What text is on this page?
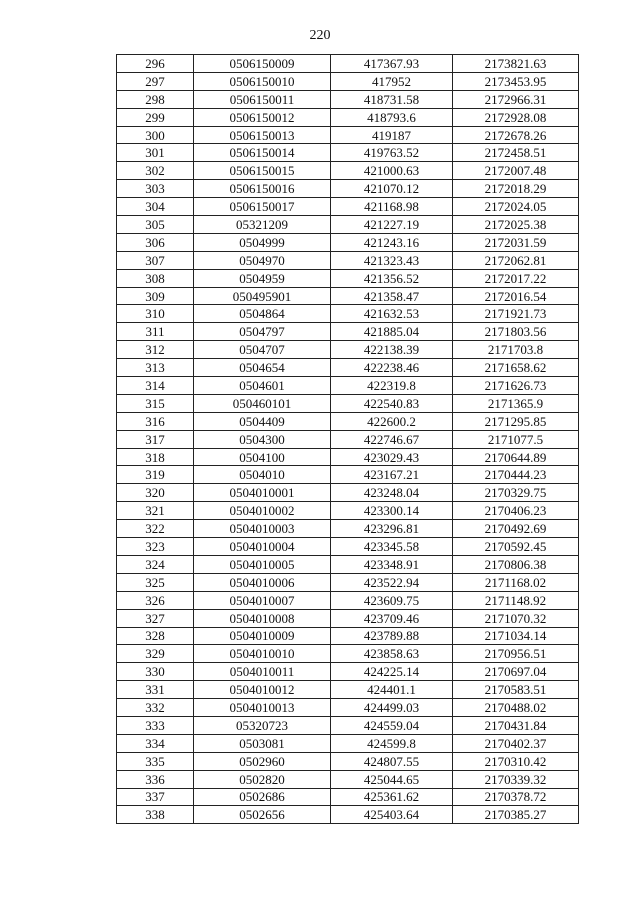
220
296	0506150009	417367.93	2173821.63
297	0506150010	417952	2173453.95
298	0506150011	418731.58	2172966.31
299	0506150012	418793.6	2172928.08
300	0506150013	419187	2172678.26
301	0506150014	419763.52	2172458.51
302	0506150015	421000.63	2172007.48
303	0506150016	421070.12	2172018.29
304	0506150017	421168.98	2172024.05
305	05321209	421227.19	2172025.38
306	0504999	421243.16	2172031.59
307	0504970	421323.43	2172062.81
308	0504959	421356.52	2172017.22
309	050495901	421358.47	2172016.54
310	0504864	421632.53	2171921.73
311	0504797	421885.04	2171803.56
312	0504707	422138.39	2171703.8
313	0504654	422238.46	2171658.62
314	0504601	422319.8	2171626.73
315	050460101	422540.83	2171365.9
316	0504409	422600.2	2171295.85
317	0504300	422746.67	2171077.5
318	0504100	423029.43	2170644.89
319	0504010	423167.21	2170444.23
320	0504010001	423248.04	2170329.75
321	0504010002	423300.14	2170406.23
322	0504010003	423296.81	2170492.69
323	0504010004	423345.58	2170592.45
324	0504010005	423348.91	2170806.38
325	0504010006	423522.94	2171168.02
326	0504010007	423609.75	2171148.92
327	0504010008	423709.46	2171070.32
328	0504010009	423789.88	2171034.14
329	0504010010	423858.63	2170956.51
330	0504010011	424225.14	2170697.04
331	0504010012	424401.1	2170583.51
332	0504010013	424499.03	2170488.02
333	05320723	424559.04	2170431.84
334	0503081	424599.8	2170402.37
335	0502960	424807.55	2170310.42
336	0502820	425044.65	2170339.32
337	0502686	425361.62	2170378.72
338	0502656	425403.64	2170385.27
